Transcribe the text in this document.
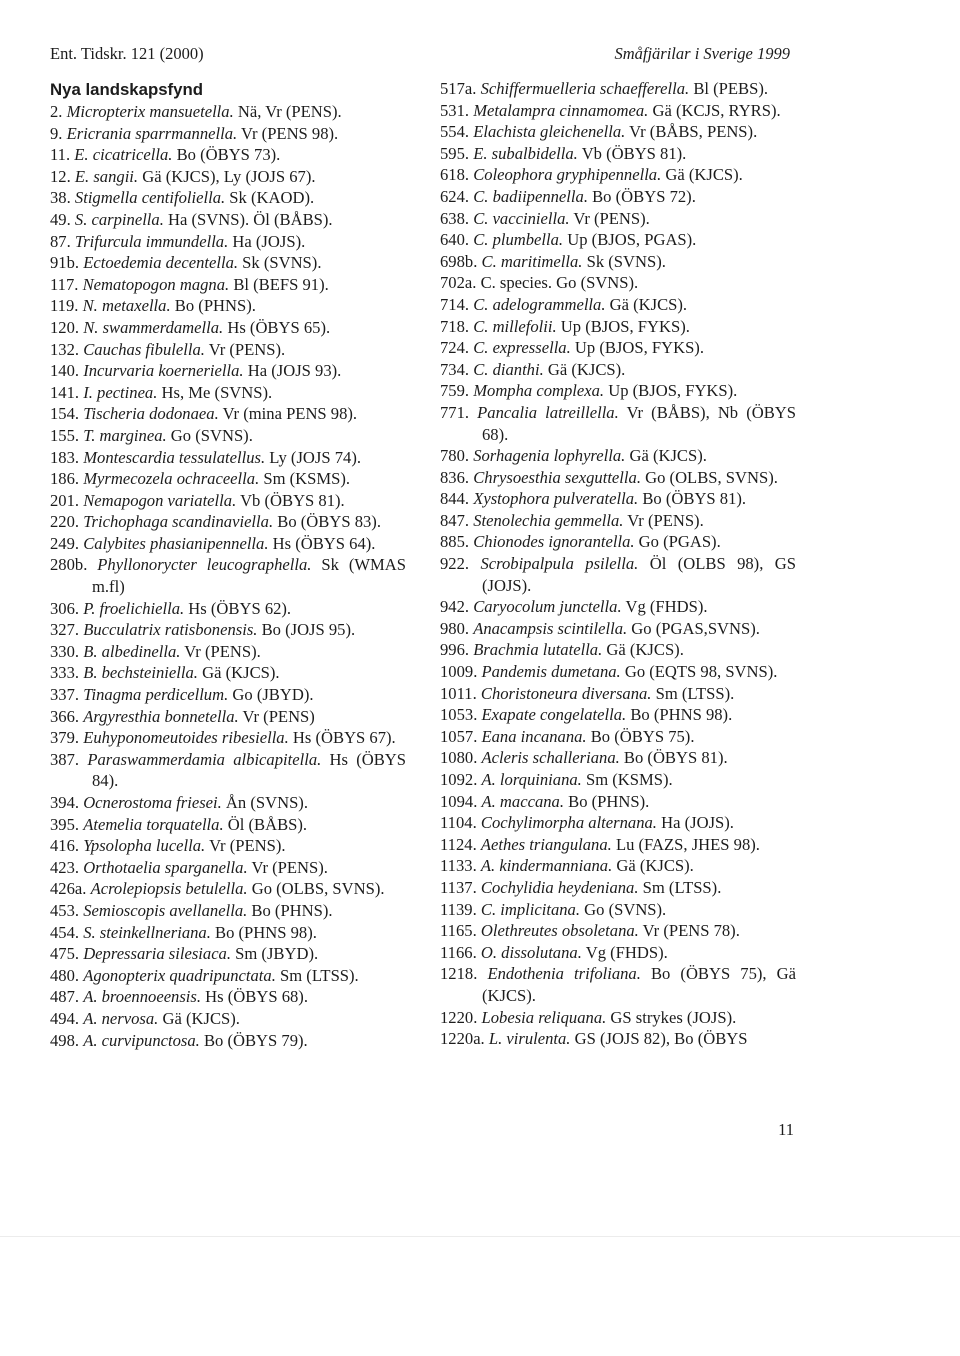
Ent. Tidskr. 121 (2000)	Småfjärilar i Sverige 1999
Nya landskapsfynd
2. Micropterix mansuetella. Nä, Vr (PENS).
9. Ericrania sparrmannella. Vr (PENS 98).
11. E. cicatricella. Bo (ÖBYS 73).
12. E. sangii. Gä (KJCS), Ly (JOJS 67).
38. Stigmella centifoliella. Sk (KAOD).
49. S. carpinella. Ha (SVNS). Öl (BÅBS).
87. Trifurcula immundella. Ha (JOJS).
91b. Ectoedemia decentella. Sk (SVNS).
117. Nematopogon magna. Bl (BEFS 91).
119. N. metaxella. Bo (PHNS).
120. N. swammerdamella. Hs (ÖBYS 65).
132. Cauchas fibulella. Vr (PENS).
140. Incurvaria koerneriella. Ha (JOJS 93).
141. I. pectinea. Hs, Me (SVNS).
154. Tischeria dodonaea. Vr (mina PENS 98).
155. T. marginea. Go (SVNS).
183. Montescardia tessulatellus. Ly (JOJS 74).
186. Myrmecozela ochraceella. Sm (KSMS).
201. Nemapogon variatella. Vb (ÖBYS 81).
220. Trichophaga scandinaviella. Bo (ÖBYS 83).
249. Calybites phasianipennella. Hs (ÖBYS 64).
280b. Phyllonorycter leucographella. Sk (WMAS m.fl)
306. P. froelichiella. Hs (ÖBYS 62).
327. Bucculatrix ratisbonensis. Bo (JOJS 95).
330. B. albedinella. Vr (PENS).
333. B. bechsteiniella. Gä (KJCS).
337. Tinagma perdicellum. Go (JBYD).
366. Argyresthia bonnetella. Vr (PENS)
379. Euhyponomeutoides ribesiella. Hs (ÖBYS 67).
387. Paraswammerdamia albicapitella. Hs (ÖBYS 84).
394. Ocnerostoma friesei. Ån (SVNS).
395. Atemelia torquatella. Öl (BÅBS).
416. Ypsolopha lucella. Vr (PENS).
423. Orthotaelia sparganella. Vr (PENS).
426a. Acrolepiopsis betulella. Go (OLBS, SVNS).
453. Semioscopis avellanella. Bo (PHNS).
454. S. steinkellneriana. Bo (PHNS 98).
475. Depressaria silesiaca. Sm (JBYD).
480. Agonopterix quadripunctata. Sm (LTSS).
487. A. broennoeensis. Hs (ÖBYS 68).
494. A. nervosa. Gä (KJCS).
498. A. curvipunctosa. Bo (ÖBYS 79).
517a. Schiffermuelleria schaefferella. Bl (PEBS).
531. Metalampra cinnamomea. Gä (KCJS, RYRS).
554. Elachista gleichenella. Vr (BÅBS, PENS).
595. E. subalbidella. Vb (ÖBYS 81).
618. Coleophora gryphipennella. Gä (KJCS).
624. C. badiipennella. Bo (ÖBYS 72).
638. C. vacciniella. Vr (PENS).
640. C. plumbella. Up (BJOS, PGAS).
698b. C. maritimella. Sk (SVNS).
702a. C. species. Go (SVNS).
714. C. adelogrammella. Gä (KJCS).
718. C. millefolii. Up (BJOS, FYKS).
724. C. expressella. Up (BJOS, FYKS).
734. C. dianthi. Gä (KJCS).
759. Mompha complexa. Up (BJOS, FYKS).
771. Pancalia latreillella. Vr (BÅBS), Nb (ÖBYS 68).
780. Sorhagenia lophyrella. Gä (KJCS).
836. Chrysoesthia sexguttella. Go (OLBS, SVNS).
844. Xystophora pulveratella. Bo (ÖBYS 81).
847. Stenolechia gemmella. Vr (PENS).
885. Chionodes ignorantella. Go (PGAS).
922. Scrobipalpula psilella. Öl (OLBS 98), GS (JOJS).
942. Caryocolum junctella. Vg (FHDS).
980. Anacampsis scintilella. Go (PGAS,SVNS).
996. Brachmia lutatella. Gä (KJCS).
1009. Pandemis dumetana. Go (EQTS 98, SVNS).
1011. Choristoneura diversana. Sm (LTSS).
1053. Exapate congelatella. Bo (PHNS 98).
1057. Eana incanana. Bo (ÖBYS 75).
1080. Acleris schalleriana. Bo (ÖBYS 81).
1092. A. lorquiniana. Sm (KSMS).
1094. A. maccana. Bo (PHNS).
1104. Cochylimorpha alternana. Ha (JOJS).
1124. Aethes triangulana. Lu (FAZS, JHES 98).
1133. A. kindermanniana. Gä (KJCS).
1137. Cochylidia heydeniana. Sm (LTSS).
1139. C. implicitana. Go (SVNS).
1165. Olethreutes obsoletana. Vr (PENS 78).
1166. O. dissolutana. Vg (FHDS).
1218. Endothenia trifoliana. Bo (ÖBYS 75), Gä (KJCS).
1220. Lobesia reliquana. GS strykes (JOJS).
1220a. L. virulenta. GS (JOJS 82), Bo (ÖBYS
11
